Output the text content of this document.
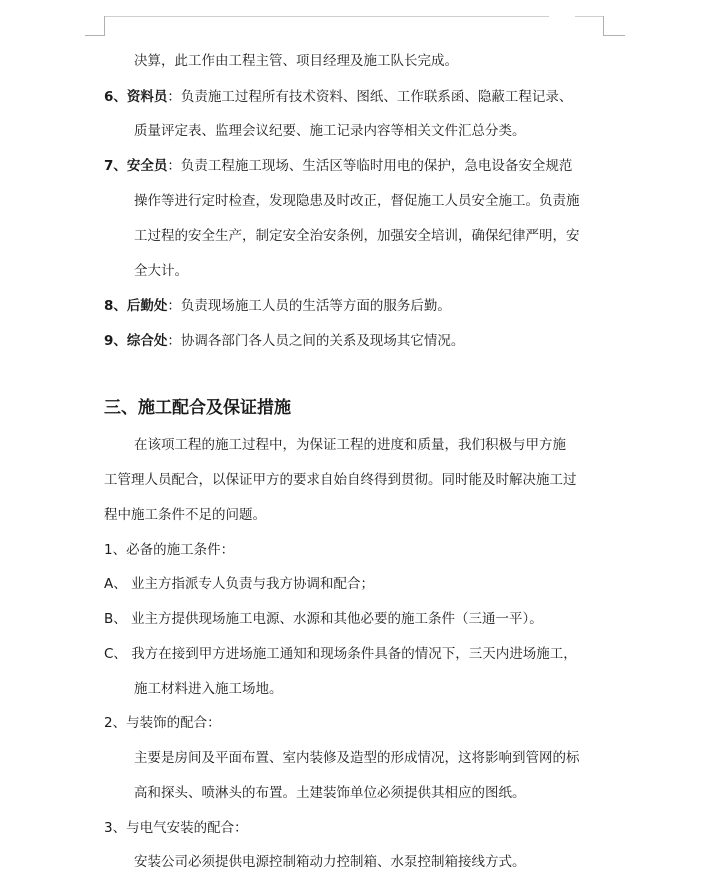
决算，此工作由工程主管、项目经理及施工队长完成。
6、资料员：负责施工过程所有技术资料、图纸、工作联系函、隐蔽工程记录、
质量评定表、监理会议纪要、施工记录内容等相关文件汇总分类。
7、安全员：负责工程施工现场、生活区等临时用电的保护，急电设备安全规范
操作等进行定时检查，发现隐患及时改正，督促施工人员安全施工。负责施
工过程的安全生产，制定安全治安条例，加强安全培训，确保纪律严明，安
全大计。
8、后勤处：负责现场施工人员的生活等方面的服务后勤。
9、综合处：协调各部门各人员之间的关系及现场其它情况。
三、施工配合及保证措施
在该项工程的施工过程中，为保证工程的进度和质量，我们积极与甲方施
工管理人员配合，以保证甲方的要求自始自终得到贯彻。同时能及时解决施工过
程中施工条件不足的问题。
1、必备的施工条件：
A、 业主方指派专人负责与我方协调和配合；
B、 业主方提供现场施工电源、水源和其他必要的施工条件（三通一平）。
C、 我方在接到甲方进场施工通知和现场条件具备的情况下，三天内进场施工，
施工材料进入施工场地。
2、与装饰的配合：
主要是房间及平面布置、室内装修及造型的形成情况，这将影响到管网的标
高和探头、喷淋头的布置。土建装饰单位必须提供其相应的图纸。
3、与电气安装的配合：
安装公司必须提供电源控制箱动力控制箱、水泵控制箱接线方式。
